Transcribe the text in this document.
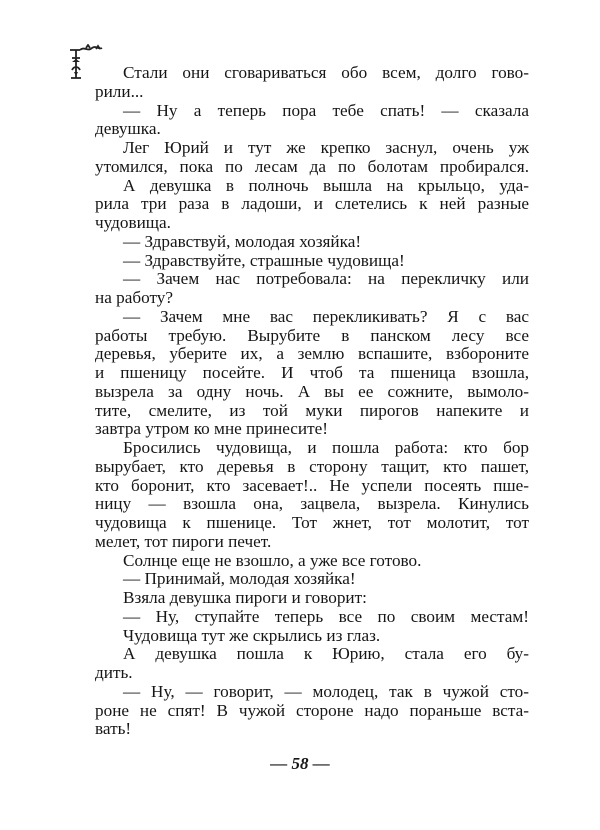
Стали они сговариваться обо всем, долго гово-
рили...
— Ну а теперь пора тебе спать! — сказала
девушка.
Лег Юрий и тут же крепко заснул, очень уж
утомился, пока по лесам да по болотам пробирался.
А девушка в полночь вышла на крыльцо, уда-
рила три раза в ладоши, и слетелись к ней разные
чудовища.
— Здравствуй, молодая хозяйка!
— Здравствуйте, страшные чудовища!
— Зачем нас потребовала: на перекличку или
на работу?
— Зачем мне вас перекликивать? Я с вас
работы требую. Вырубите в панском лесу все
деревья, уберите их, а землю вспашите, взбороните
и пшеницу посейте. И чтоб та пшеница взошла,
вызрела за одну ночь. А вы ее сожните, вымоло-
тите, смелите, из той муки пирогов напеките и
завтра утром ко мне принесите!
Бросились чудовища, и пошла работа: кто бор
вырубает, кто деревья в сторону тащит, кто пашет,
кто боронит, кто засевает!.. Не успели посеять пше-
ницу — взошла она, зацвела, вызрела. Кинулись
чудовища к пшенице. Тот жнет, тот молотит, тот
мелет, тот пироги печет.
Солнце еще не взошло, а уже все готово.
— Принимай, молодая хозяйка!
Взяла девушка пироги и говорит:
— Ну, ступайте теперь все по своим местам!
Чудовища тут же скрылись из глаз.
А девушка пошла к Юрию, стала его бу-
дить.
— Ну, — говорит, — молодец, так в чужой сто-
роне не спят! В чужой стороне надо пораньше вста-
вать!
— 58 —
